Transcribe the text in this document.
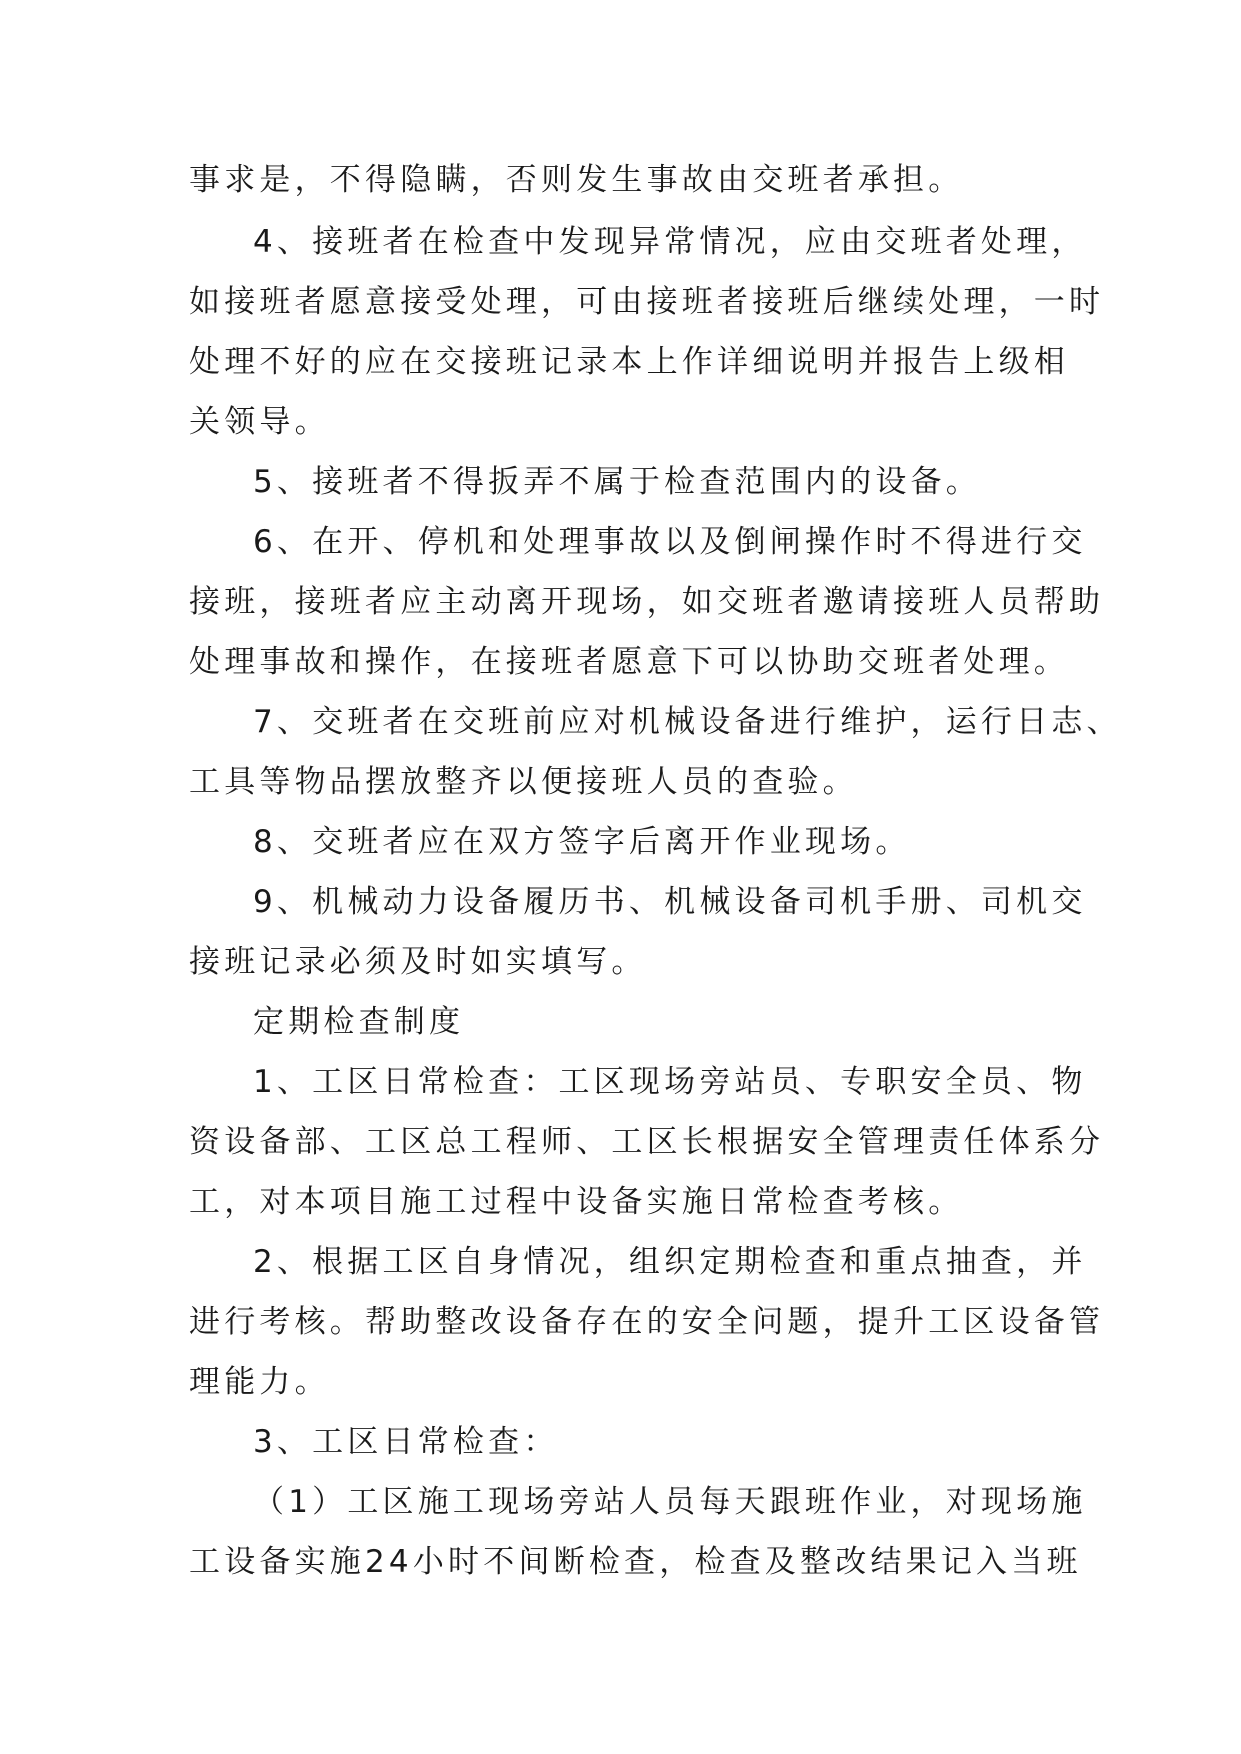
事求是，不得隐瞒，否则发生事故由交班者承担。
4、接班者在检查中发现异常情况，应由交班者处理，
如接班者愿意接受处理，可由接班者接班后继续处理，一时
处理不好的应在交接班记录本上作详细说明并报告上级相
关领导。
5、接班者不得扳弄不属于检查范围内的设备。
6、在开、停机和处理事故以及倒闸操作时不得进行交
接班，接班者应主动离开现场，如交班者邀请接班人员帮助
处理事故和操作，在接班者愿意下可以协助交班者处理。
7、交班者在交班前应对机械设备进行维护，运行日志、
工具等物品摆放整齐以便接班人员的查验。
8、交班者应在双方签字后离开作业现场。
9、机械动力设备履历书、机械设备司机手册、司机交
接班记录必须及时如实填写。
定期检查制度
1、工区日常检查：工区现场旁站员、专职安全员、物
资设备部、工区总工程师、工区长根据安全管理责任体系分
工，对本项目施工过程中设备实施日常检查考核。
2、根据工区自身情况，组织定期检查和重点抽查，并
进行考核。帮助整改设备存在的安全问题，提升工区设备管
理能力。
3、工区日常检查：
（1）工区施工现场旁站人员每天跟班作业，对现场施
工设备实施24小时不间断检查，检查及整改结果记入当班
